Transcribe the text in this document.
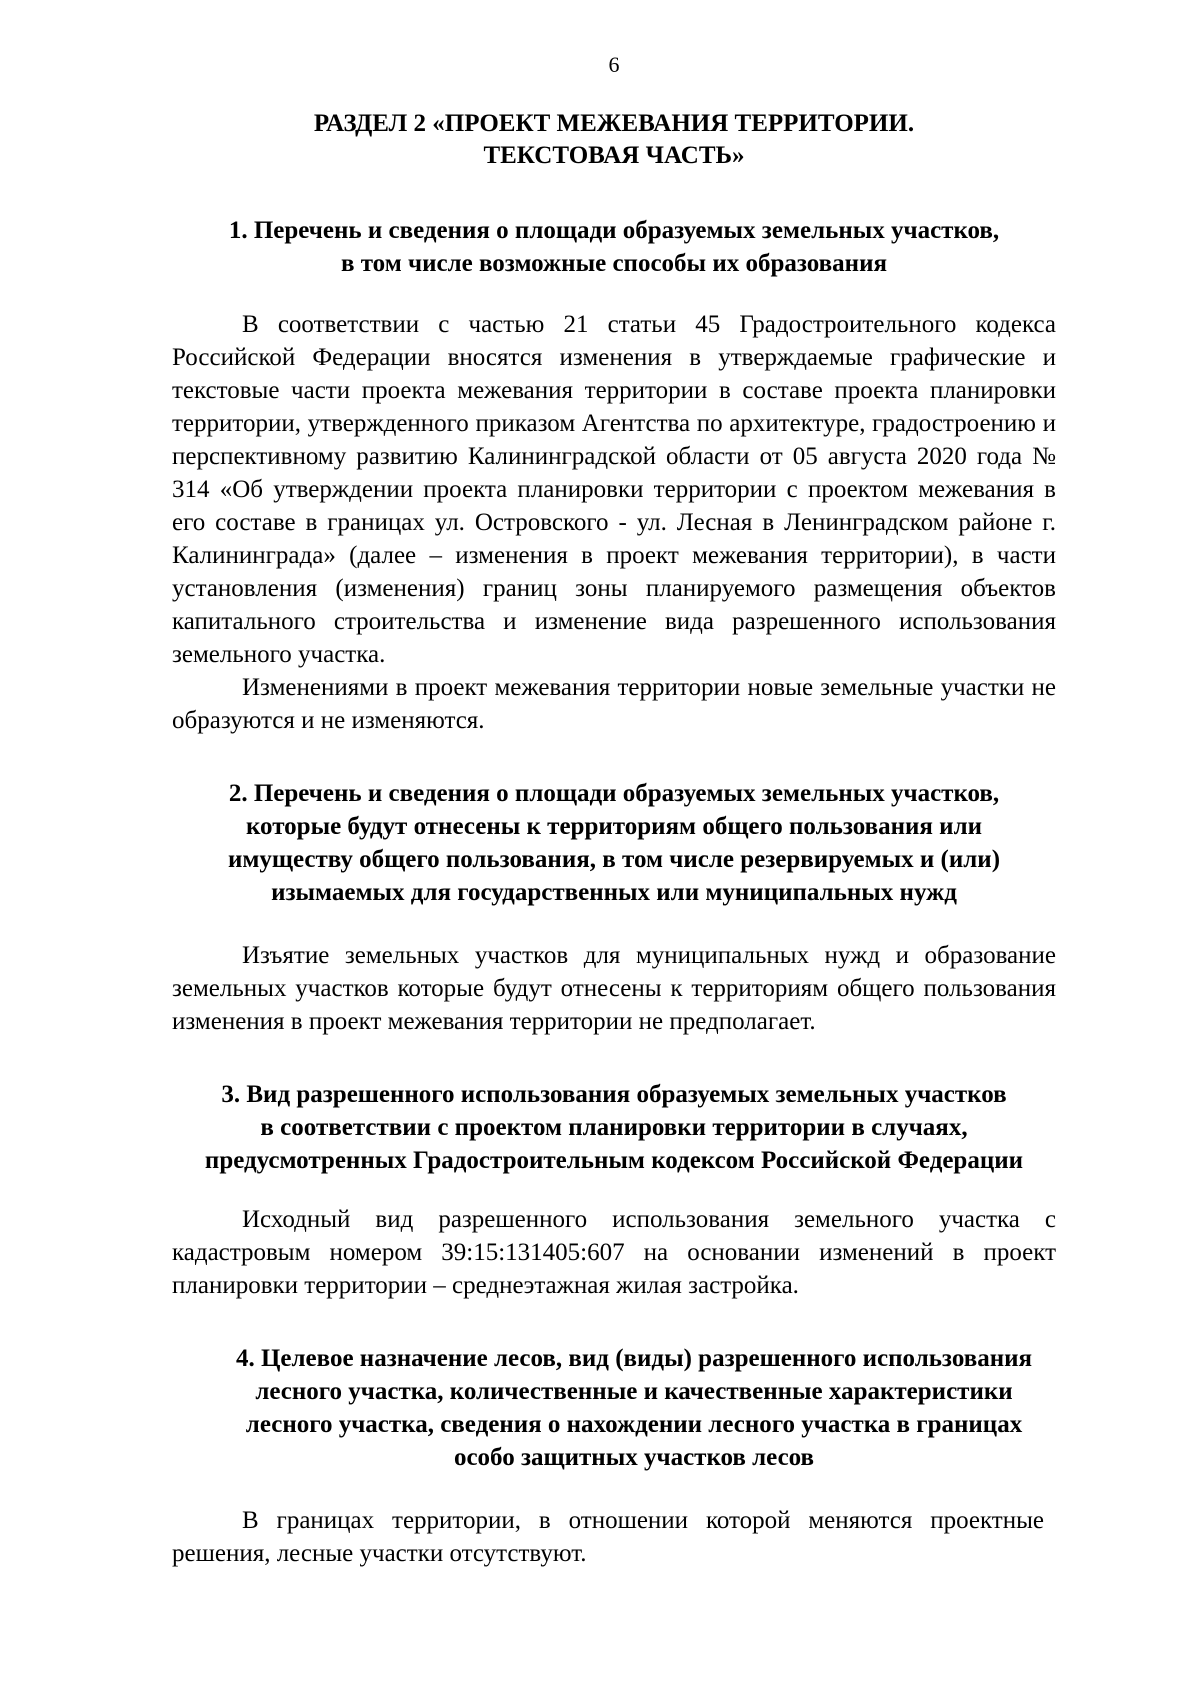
6
РАЗДЕЛ 2 «ПРОЕКТ МЕЖЕВАНИЯ ТЕРРИТОРИИ.
ТЕКСТОВАЯ ЧАСТЬ»
1. Перечень и сведения о площади образуемых земельных участков,
в том числе возможные способы их образования

В соответствии с частью 21 статьи 45 Градостроительного кодекса Российской Федерации вносятся изменения в утверждаемые графические и текстовые части проекта межевания территории в составе проекта планировки территории, утвержденного приказом Агентства по архитектуре, градостроению и перспективному развитию Калининградской области от 05 августа 2020 года № 314 «Об утверждении проекта планировки территории с проектом межевания в его составе в границах ул. Островского - ул. Лесная в Ленинградском районе г. Калининграда» (далее – изменения в проект межевания территории), в части установления (изменения) границ зоны планируемого размещения объектов капитального строительства и изменение вида разрешенного использования земельного участка.

Изменениями в проект межевания территории новые земельные участки не образуются и не изменяются.

2. Перечень и сведения о площади образуемых земельных участков,
которые будут отнесены к территориям общего пользования или
имуществу общего пользования, в том числе резервируемых и (или)
изымаемых для государственных или муниципальных нужд

Изъятие земельных участков для муниципальных нужд и образование земельных участков которые будут отнесены к территориям общего пользования изменения в проект межевания территории не предполагает.

3. Вид разрешенного использования образуемых земельных участков
в соответствии с проектом планировки территории в случаях,
предусмотренных Градостроительным кодексом Российской Федерации

Исходный вид разрешенного использования земельного участка с кадастровым номером 39:15:131405:607 на основании изменений в проект планировки территории – среднеэтажная жилая застройка.

4. Целевое назначение лесов, вид (виды) разрешенного использования
лесного участка, количественные и качественные характеристики
лесного участка, сведения о нахождении лесного участка в границах
особо защитных участков лесов

В границах территории, в отношении которой меняются проектные решения, лесные участки отсутствуют.
